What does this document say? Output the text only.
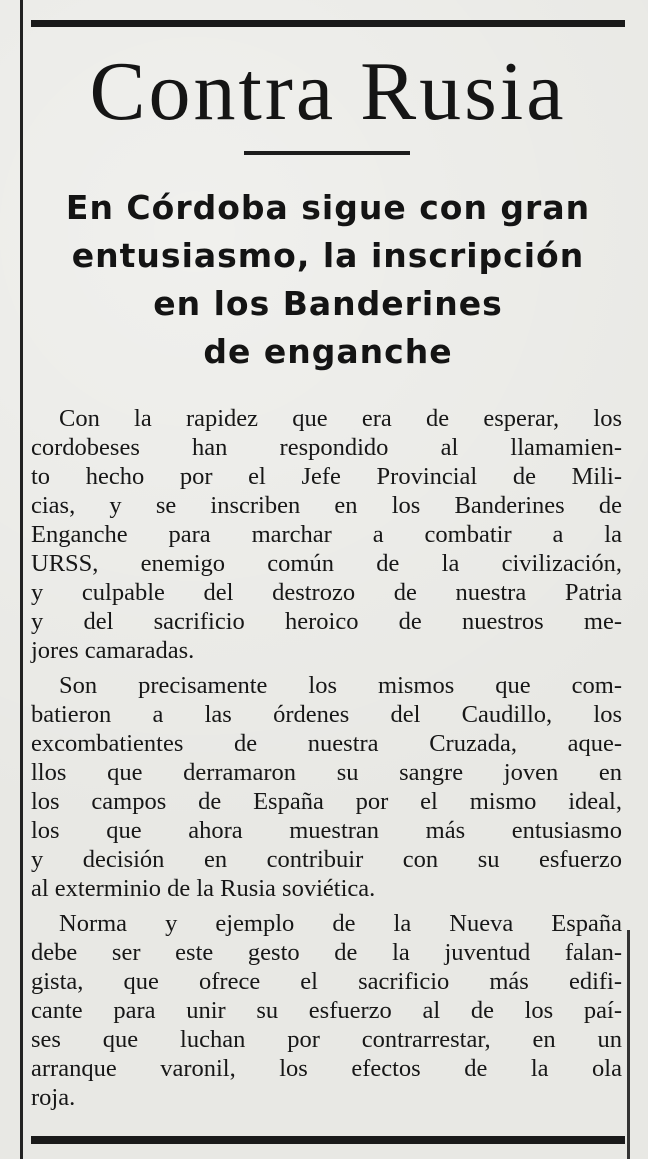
Contra Rusia
En Córdoba sigue con gran
entusiasmo, la inscripción
en los Banderines
de enganche
Con la rapidez que era de esperar, los
cordobeses han respondido al llamamien-
to hecho por el Jefe Provincial de Mili-
cias, y se inscriben en los Banderines de
Enganche para marchar a combatir a la
URSS, enemigo común de la civilización,
y culpable del destrozo de nuestra Patria
y del sacrificio heroico de nuestros me-
jores camaradas.
Son precisamente los mismos que com-
batieron a las órdenes del Caudillo, los
excombatientes de nuestra Cruzada, aque-
llos que derramaron su sangre joven en
los campos de España por el mismo ideal,
los que ahora muestran más entusiasmo
y decisión en contribuir con su esfuerzo
al exterminio de la Rusia soviética.
Norma y ejemplo de la Nueva España
debe ser este gesto de la juventud falan-
gista, que ofrece el sacrificio más edifi-
cante para unir su esfuerzo al de los paí-
ses que luchan por contrarrestar, en un
arranque varonil, los efectos de la ola
roja.
